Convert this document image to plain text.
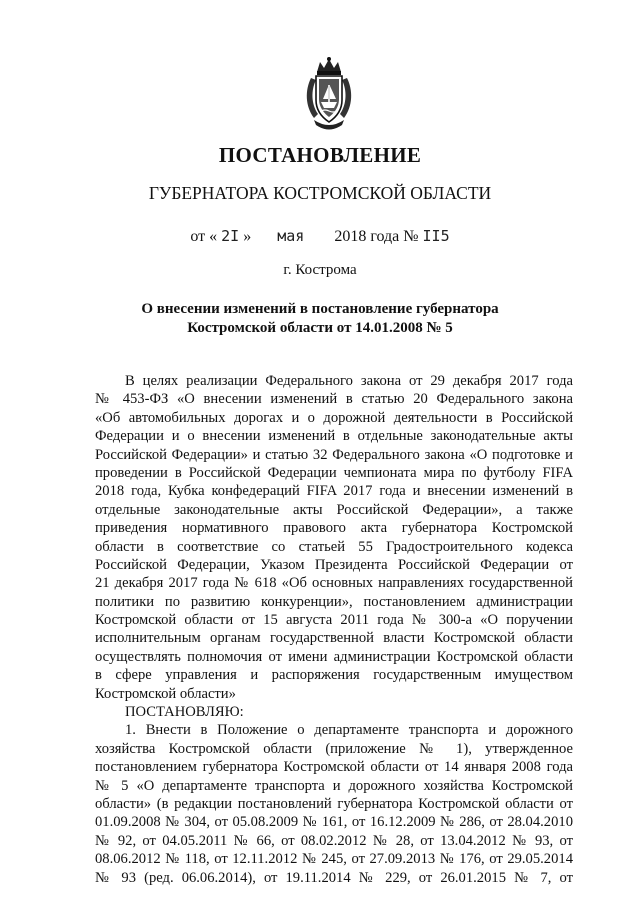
ПОСТАНОВЛЕНИЕ
ГУБЕРНАТОРА КОСТРОМСКОЙ ОБЛАСТИ
от « 2I » мая 2018 года № II5
г. Кострома
О внесении изменений в постановление губернатора
Костромской области от 14.01.2008 № 5
В целях реализации Федерального закона от 29 декабря 2017 года
№ 453-ФЗ «О внесении изменений в статью 20 Федерального закона
«Об автомобильных дорогах и о дорожной деятельности в Российской
Федерации и о внесении изменений в отдельные законодательные акты
Российской Федерации» и статью 32 Федерального закона «О подготовке и
проведении в Российской Федерации чемпионата мира по футболу FIFA
2018 года, Кубка конфедераций FIFA 2017 года и внесении изменений в
отдельные законодательные акты Российской Федерации», а также
приведения нормативного правового акта губернатора Костромской
области в соответствие со статьей 55 Градостроительного кодекса
Российской Федерации, Указом Президента Российской Федерации от
21 декабря 2017 года № 618 «Об основных направлениях государственной
политики по развитию конкуренции», постановлением администрации
Костромской области от 15 августа 2011 года № 300-а «О поручении
исполнительным органам государственной власти Костромской области
осуществлять полномочия от имени администрации Костромской области
в сфере управления и распоряжения государственным имуществом
Костромской области»
ПОСТАНОВЛЯЮ:
1. Внести в Положение о департаменте транспорта и дорожного
хозяйства Костромской области (приложение № 1), утвержденное
постановлением губернатора Костромской области от 14 января 2008 года
№ 5 «О департаменте транспорта и дорожного хозяйства Костромской
области» (в редакции постановлений губернатора Костромской области от
01.09.2008 № 304, от 05.08.2009 № 161, от 16.12.2009 № 286, от 28.04.2010
№ 92, от 04.05.2011 № 66, от 08.02.2012 № 28, от 13.04.2012 № 93, от
08.06.2012 № 118, от 12.11.2012 № 245, от 27.09.2013 № 176, от 29.05.2014
№ 93 (ред. 06.06.2014), от 19.11.2014 № 229, от 26.01.2015 № 7, от
